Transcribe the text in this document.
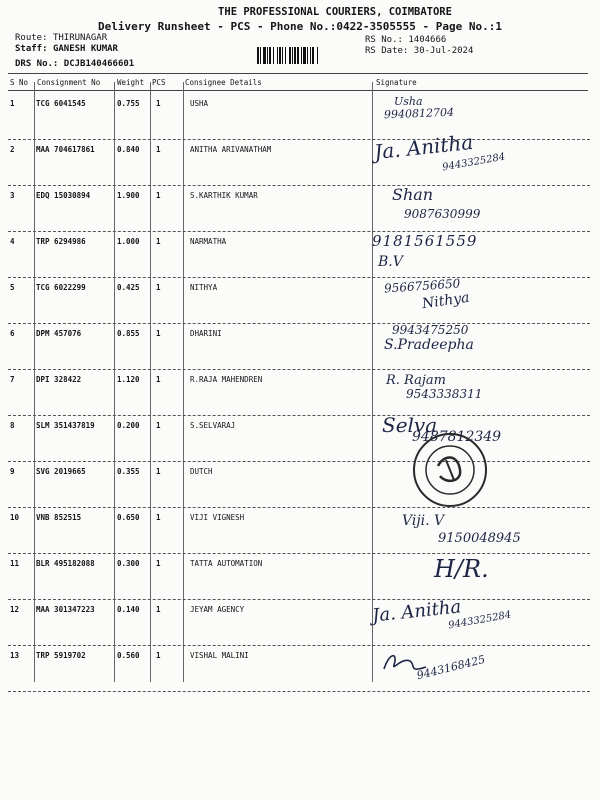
THE PROFESSIONAL COURIERS, COIMBATORE
Delivery Runsheet - PCS - Phone No.:0422-3505555 - Page No.:1
Route: THIRUNAGAR
Staff: GANESH KUMAR
DRS No.: DCJB140466601
RS No.: 1404666
RS Date: 30-Jul-2024
S No Consignment No Weight PCS	Consignee Details	Signature
1	TCG 6041545	0.755 1	USHA	Usha
9940812704
2	MAA 704617861	0.840 1	ANITHA ARIVANATHAM	Ja. Anitha
9443325284
3	EDQ 15030894	1.900 1	S.KARTHIK KUMAR	Shan
9087630999
4	TRP 6294986	1.000 1	NARMATHA	9181561559
B.V
5	TCG 6022299	0.425 1	NITHYA	9566756650
Nithya
6	DPM 457076	0.855 1	DHARINI	9943475250
S.Pradeepha
7	DPI 328422	1.120 1	R.RAJA MAHENDREN	R. Rajam
9543338311
8	SLM 351437819	0.200 1	S.SELVARAJ	Selva
9487812349
9	SVG 2019665	0.355 1	DUTCH
10 VNB 852515	0.650 1	VIJI VIGNESH	Viji. V
9150048945
11 BLR 495182088	0.300 1	TATTA AUTOMATION	H/R.
12 MAA 301347223	0.140 1	JEYAM AGENCY	Ja. Anitha
9443325284
13 TRP 5919702	0.560 1	VISHAL MALINI	9443168425
